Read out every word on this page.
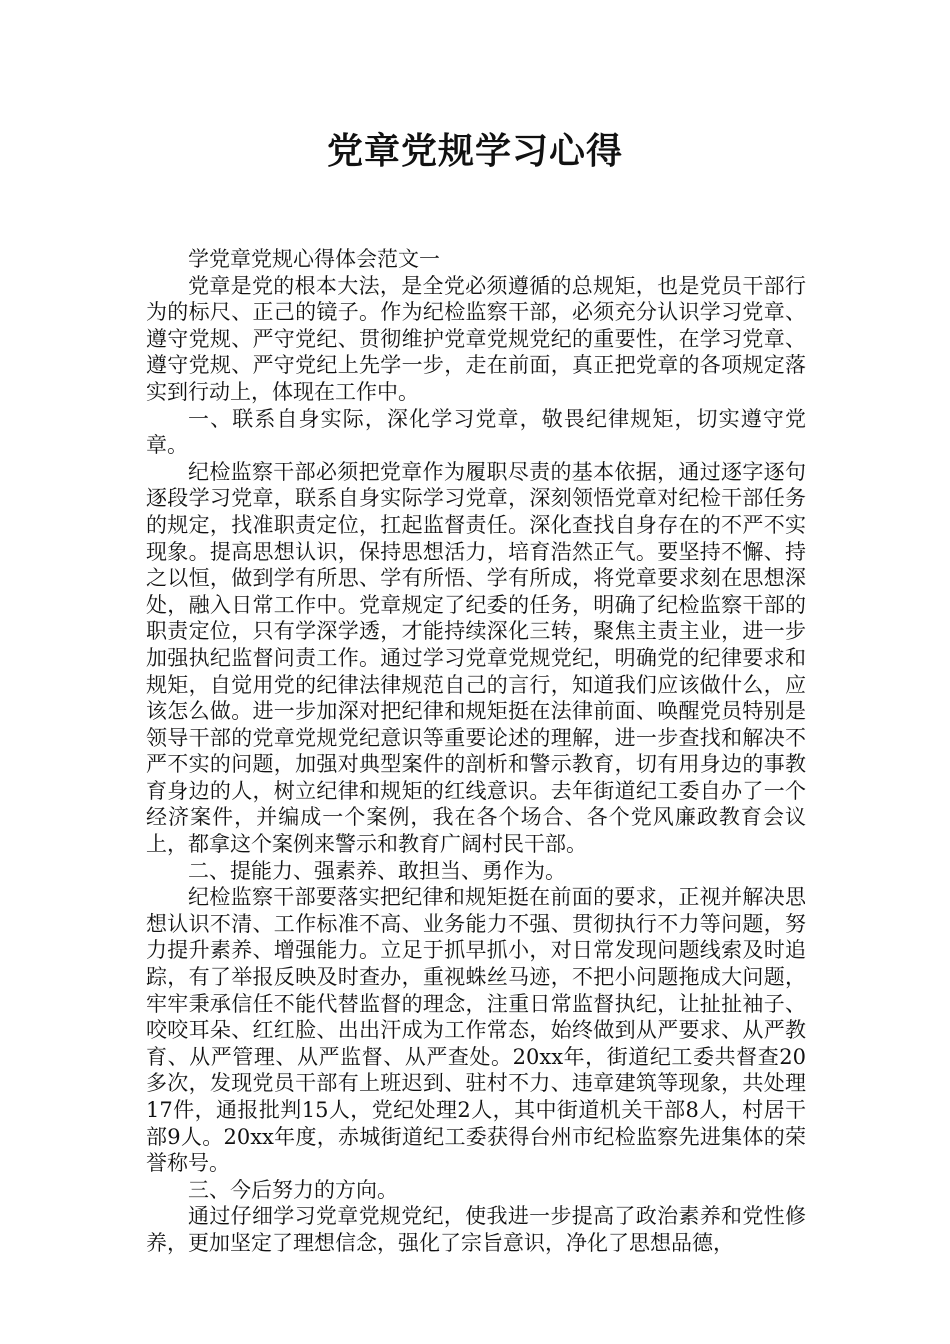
党章党规学习心得

学党章党规心得体会范文一

党章是党的根本大法，是全党必须遵循的总规矩，也是党员干部行为的标尺、正己的镜子。作为纪检监察干部，必须充分认识学习党章、遵守党规、严守党纪、贯彻维护党章党规党纪的重要性，在学习党章、遵守党规、严守党纪上先学一步，走在前面，真正把党章的各项规定落实到行动上，体现在工作中。

一、联系自身实际，深化学习党章，敬畏纪律规矩，切实遵守党章。

纪检监察干部必须把党章作为履职尽责的基本依据，通过逐字逐句逐段学习党章，联系自身实际学习党章，深刻领悟党章对纪检干部任务的规定，找准职责定位，扛起监督责任。深化查找自身存在的不严不实现象。提高思想认识，保持思想活力，培育浩然正气。要坚持不懈、持之以恒，做到学有所思、学有所悟、学有所成，将党章要求刻在思想深处，融入日常工作中。党章规定了纪委的任务，明确了纪检监察干部的职责定位，只有学深学透，才能持续深化三转，聚焦主责主业，进一步加强执纪监督问责工作。通过学习党章党规党纪，明确党的纪律要求和规矩，自觉用党的纪律法律规范自己的言行，知道我们应该做什么，应该怎么做。进一步加深对把纪律和规矩挺在法律前面、唤醒党员特别是领导干部的党章党规党纪意识等重要论述的理解，进一步查找和解决不严不实的问题，加强对典型案件的剖析和警示教育，切有用身边的事教育身边的人，树立纪律和规矩的红线意识。去年街道纪工委自办了一个经济案件，并编成一个案例，我在各个场合、各个党风廉政教育会议上，都拿这个案例来警示和教育广阔村民干部。

二、提能力、强素养、敢担当、勇作为。

纪检监察干部要落实把纪律和规矩挺在前面的要求，正视并解决思想认识不清、工作标准不高、业务能力不强、贯彻执行不力等问题，努力提升素养、增强能力。立足于抓早抓小，对日常发现问题线索及时追踪，有了举报反映及时查办，重视蛛丝马迹，不把小问题拖成大问题，牢牢秉承信任不能代替监督的理念，注重日常监督执纪，让扯扯袖子、咬咬耳朵、红红脸、出出汗成为工作常态，始终做到从严要求、从严教育、从严管理、从严监督、从严查处。20xx年，街道纪工委共督查20多次，发现党员干部有上班迟到、驻村不力、违章建筑等现象，共处理17件，通报批判15人，党纪处理2人，其中街道机关干部8人，村居干部9人。20xx年度，赤城街道纪工委获得台州市纪检监察先进集体的荣誉称号。

三、今后努力的方向。

通过仔细学习党章党规党纪，使我进一步提高了政治素养和党性修养，更加坚定了理想信念，强化了宗旨意识，净化了思想品德，
